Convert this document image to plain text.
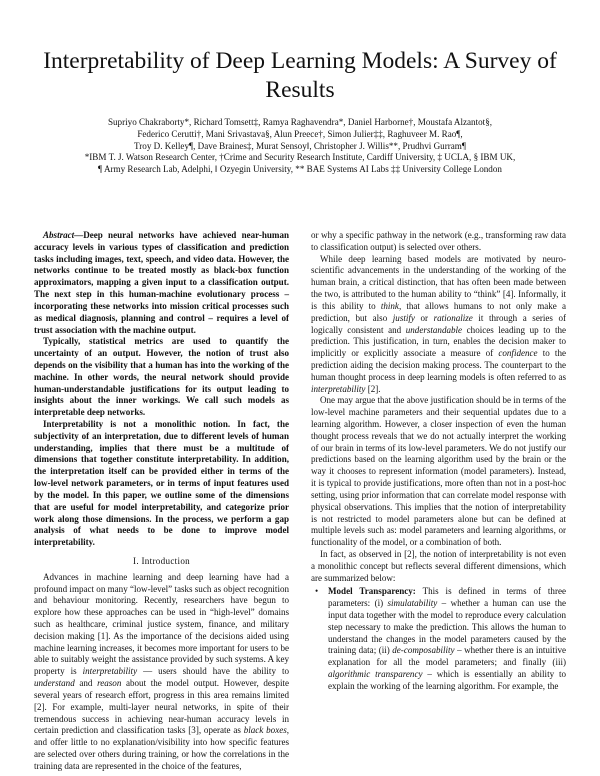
Interpretability of Deep Learning Models: A Survey of Results
Supriyo Chakraborty*, Richard Tomsett‡, Ramya Raghavendra*, Daniel Harborne†, Moustafa Alzantot§,
Federico Cerutti†, Mani Srivastava§, Alun Preece†, Simon Julier‡‡, Raghuveer M. Rao¶,
Troy D. Kelley¶, Dave Braines‡, Murat Sensoy‖, Christopher J. Willis**, Prudhvi Gurram¶
*IBM T. J. Watson Research Center, †Crime and Security Research Institute, Cardiff University, ‡ UCLA, § IBM UK,
¶ Army Research Lab, Adelphi, ‖ Ozyegin University, ** BAE Systems AI Labs ‡‡ University College London

Abstract—Deep neural networks have achieved near-human accuracy levels in various types of classification and prediction tasks including images, text, speech, and video data. However, the networks continue to be treated mostly as black-box function approximators, mapping a given input to a classification output. The next step in this human-machine evolutionary process – incorporating these networks into mission critical processes such as medical diagnosis, planning and control – requires a level of trust association with the machine output.

Typically, statistical metrics are used to quantify the uncertainty of an output. However, the notion of trust also depends on the visibility that a human has into the working of the machine. In other words, the neural network should provide human-understandable justifications for its output leading to insights about the inner workings. We call such models as interpretable deep networks.

Interpretability is not a monolithic notion. In fact, the subjectivity of an interpretation, due to different levels of human understanding, implies that there must be a multitude of dimensions that together constitute interpretability. In addition, the interpretation itself can be provided either in terms of the low-level network parameters, or in terms of input features used by the model. In this paper, we outline some of the dimensions that are useful for model interpretability, and categorize prior work along those dimensions. In the process, we perform a gap analysis of what needs to be done to improve model interpretability.

I. Introduction

Advances in machine learning and deep learning have had a profound impact on many “low-level” tasks such as object recognition and behaviour monitoring. Recently, researchers have begun to explore how these approaches can be used in “high-level” domains such as healthcare, criminal justice system, finance, and military decision making [1]. As the importance of the decisions aided using machine learning increases, it becomes more important for users to be able to suitably weight the assistance provided by such systems. A key property is interpretability — users should have the ability to understand and reason about the model output. However, despite several years of research effort, progress in this area remains limited [2]. For example, multi-layer neural networks, in spite of their tremendous success in achieving near-human accuracy levels in certain prediction and classification tasks [3], operate as black boxes, and offer little to no explanation/visibility into how specific features are selected over others during training, or how the correlations in the training data are represented in the choice of the features,

or why a specific pathway in the network (e.g., transforming raw data to classification output) is selected over others.

While deep learning based models are motivated by neuro-scientific advancements in the understanding of the working of the human brain, a critical distinction, that has often been made between the two, is attributed to the human ability to “think” [4]. Informally, it is this ability to think, that allows humans to not only make a prediction, but also justify or rationalize it through a series of logically consistent and understandable choices leading up to the prediction. This justification, in turn, enables the decision maker to implicitly or explicitly associate a measure of confidence to the prediction aiding the decision making process. The counterpart to the human thought process in deep learning models is often referred to as interpretability [2].

One may argue that the above justification should be in terms of the low-level machine parameters and their sequential updates due to a learning algorithm. However, a closer inspection of even the human thought process reveals that we do not actually interpret the working of our brain in terms of its low-level parameters. We do not justify our predictions based on the learning algorithm used by the brain or the way it chooses to represent information (model parameters). Instead, it is typical to provide justifications, more often than not in a post-hoc setting, using prior information that can correlate model response with physical observations. This implies that the notion of interpretability is not restricted to model parameters alone but can be defined at multiple levels such as: model parameters and learning algorithms, or functionality of the model, or a combination of both.

In fact, as observed in [2], the notion of interpretability is not even a monolithic concept but reflects several different dimensions, which are summarized below:

• Model Transparency: This is defined in terms of three parameters: (i) simulatability – whether a human can use the input data together with the model to reproduce every calculation step necessary to make the prediction. This allows the human to understand the changes in the model parameters caused by the training data; (ii) de-composability – whether there is an intuitive explanation for all the model parameters; and finally (iii) algorithmic transparency – which is essentially an ability to explain the working of the learning algorithm. For example, the
